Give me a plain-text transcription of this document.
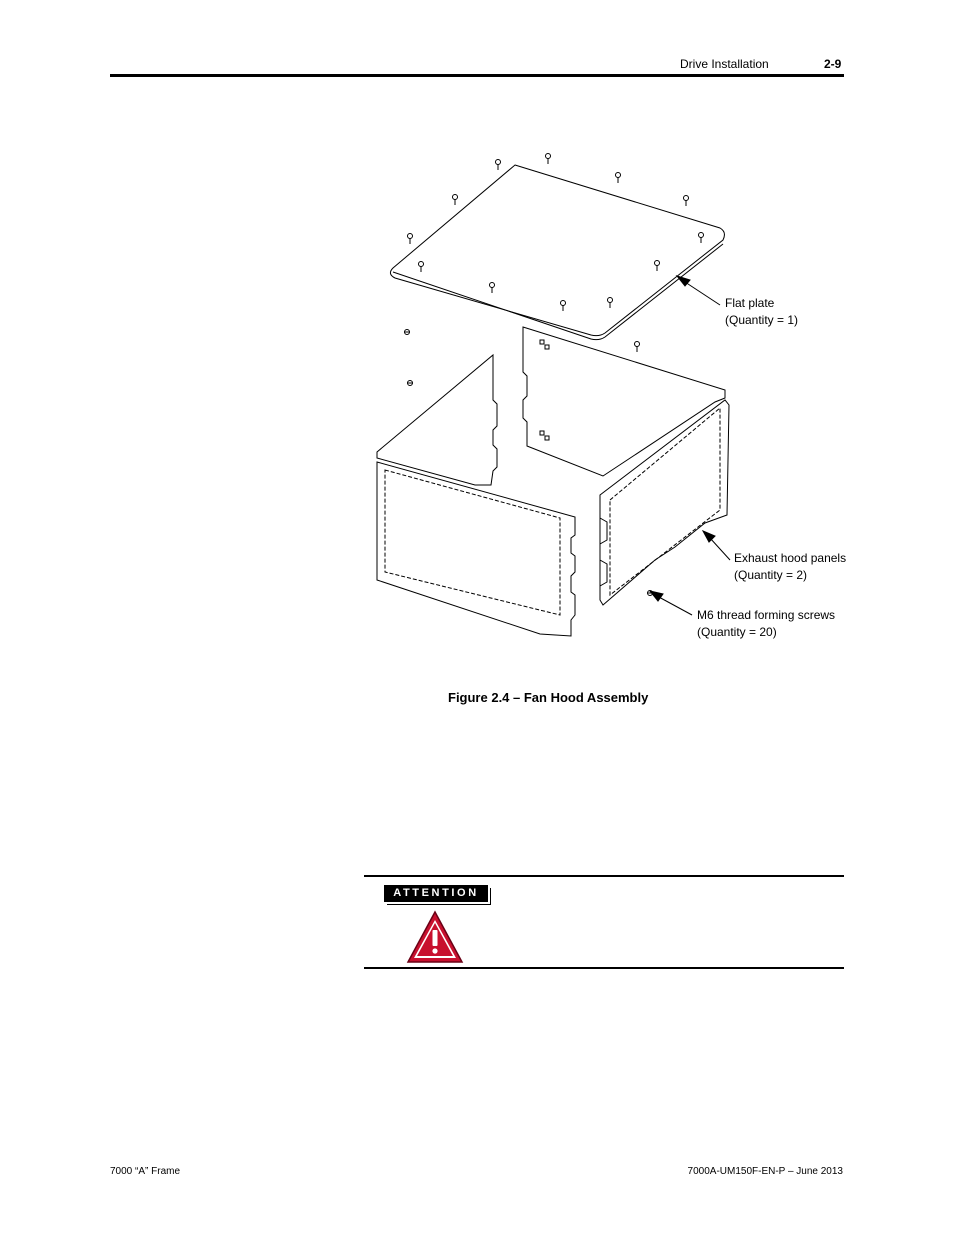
Drive Installation	2-9
Flat plate
(Quantity = 1)
Exhaust hood panels
(Quantity = 2)
M6 thread forming screws
(Quantity = 20)
Figure 2.4 – Fan Hood Assembly
ATTENTION
7000 “A” Frame	7000A-UM150F-EN-P – June 2013
